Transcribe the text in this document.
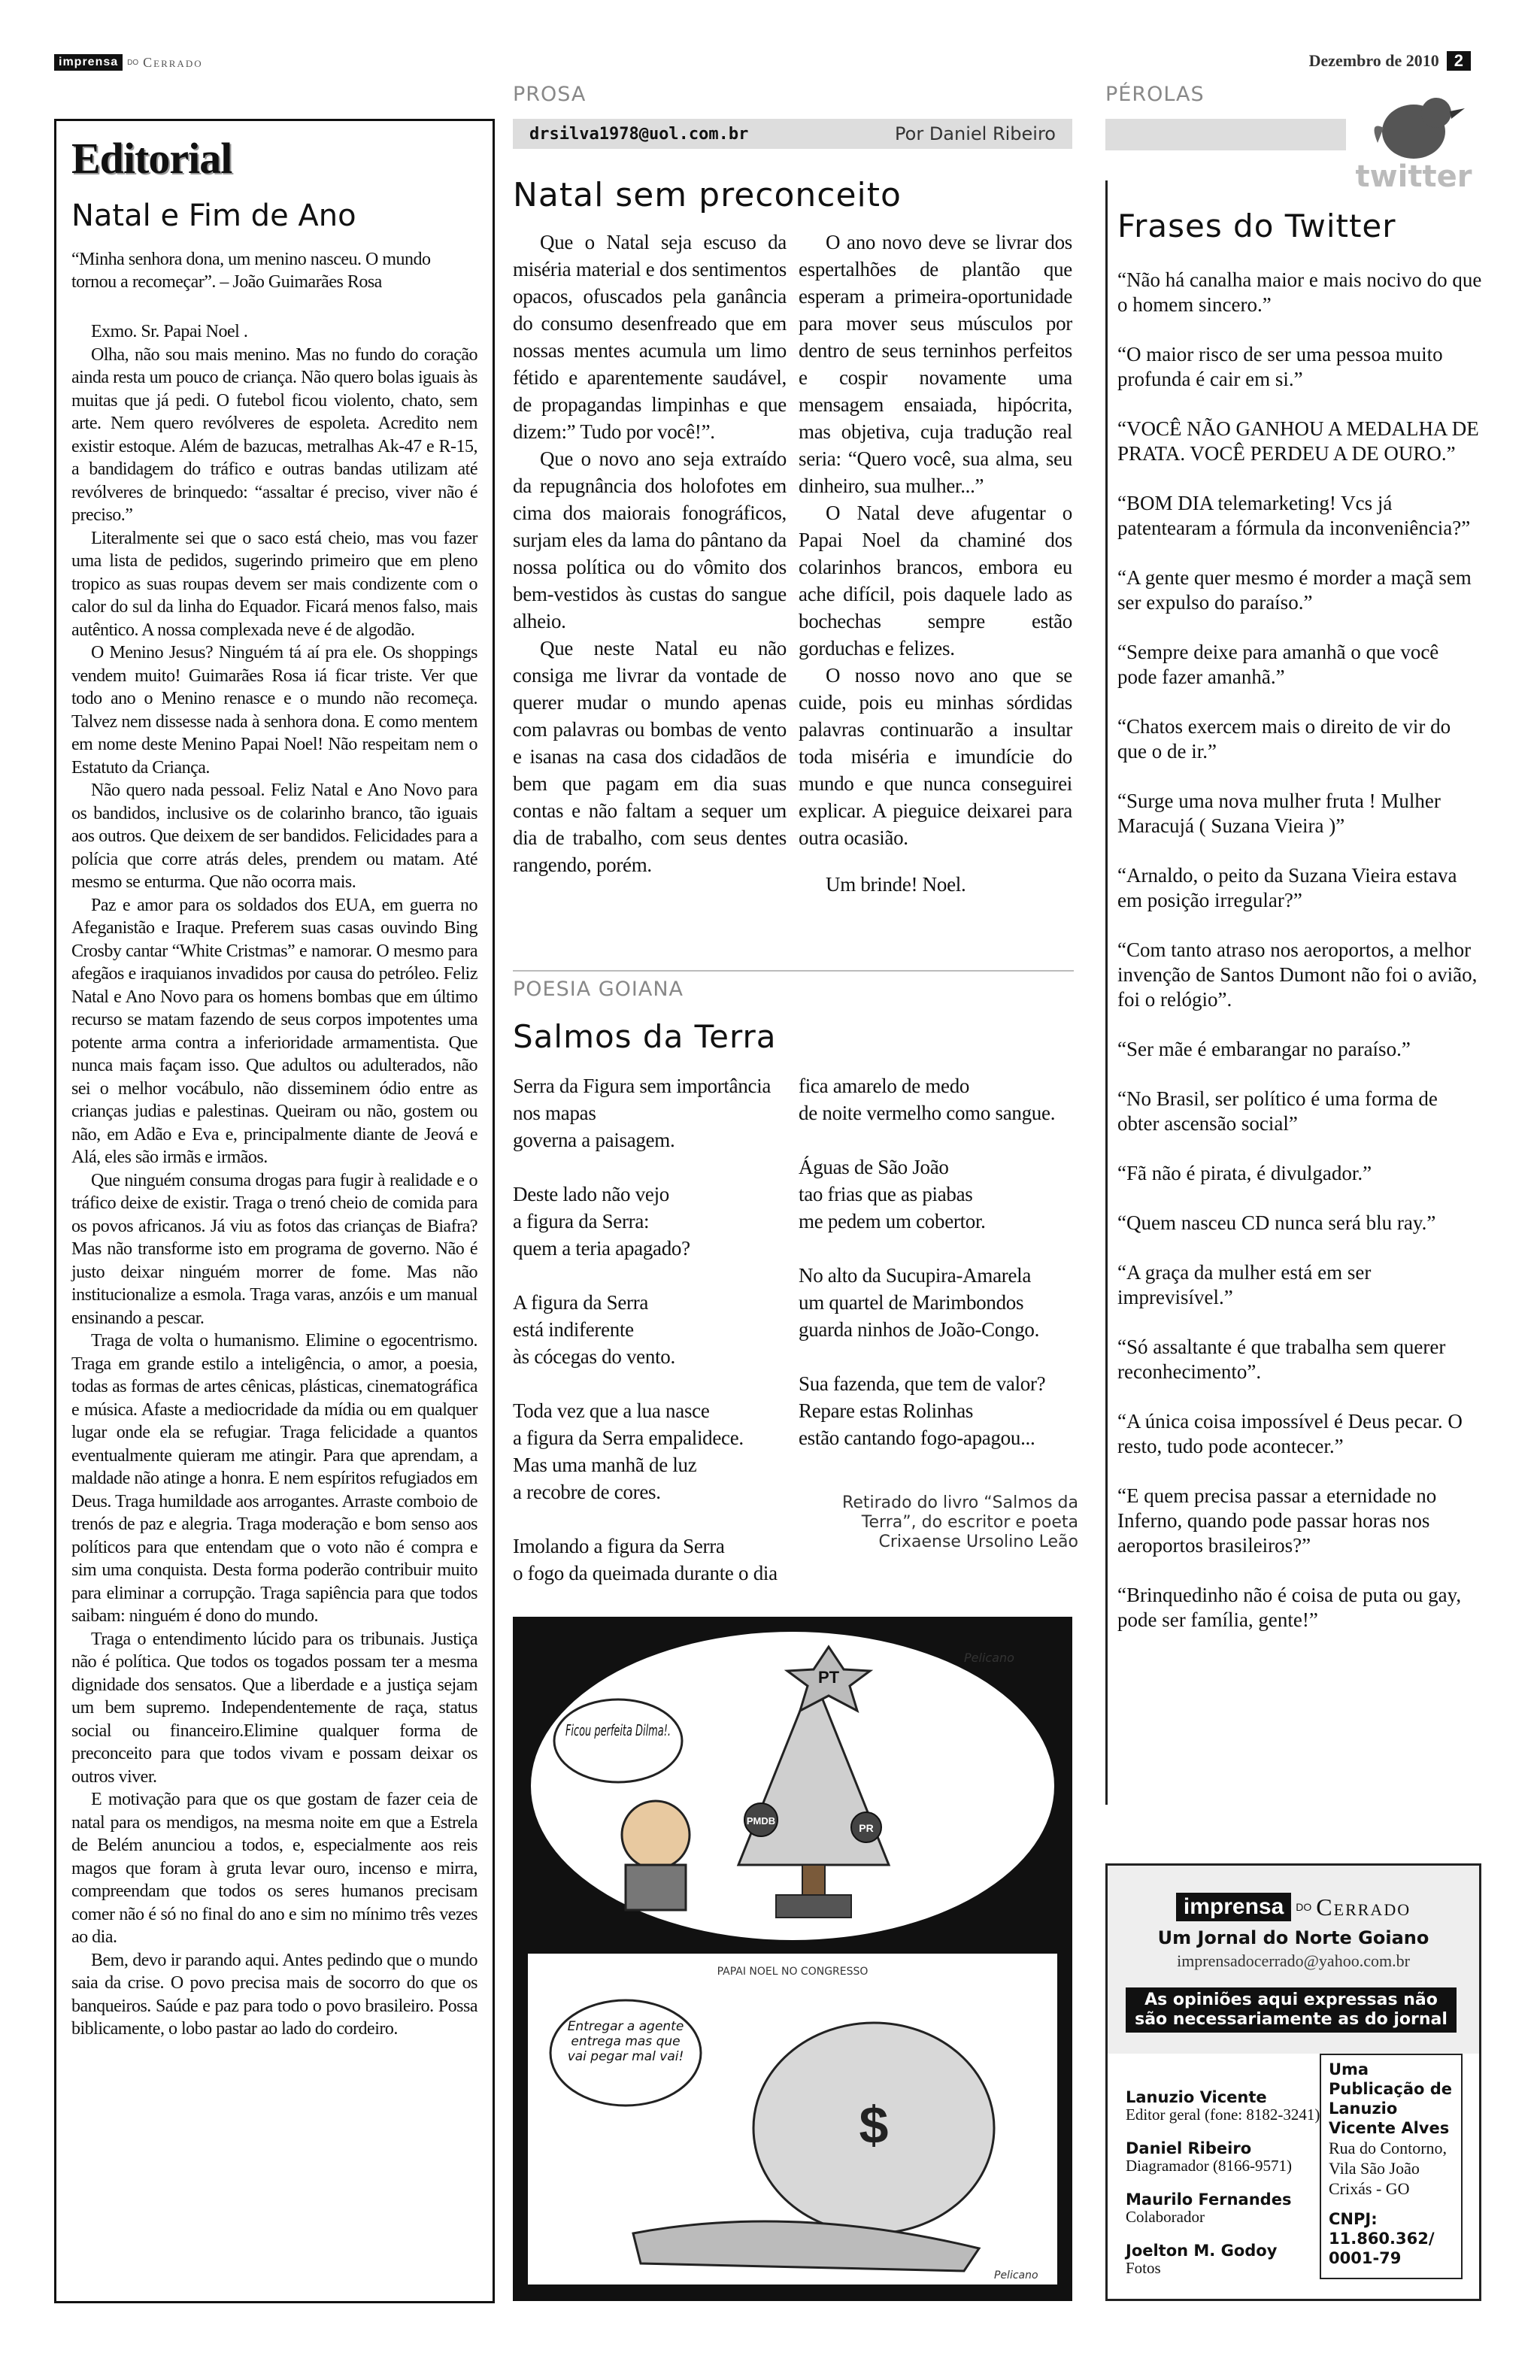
imprensa	DO Cerrado	Dezembro de 2010 2
PROSA	PÉROLAS
Editorial
Natal e Fim de Ano
“Minha senhora dona, um menino nasceu. O mundo tornou a recomeçar”. – João Guimarães Rosa

Exmo. Sr. Papai Noel .

Olha, não sou mais menino. Mas no fundo do coração ainda resta um pouco de criança. Não quero bolas iguais às muitas que já pedi. O futebol ficou violento, chato, sem arte. Nem quero revólveres de espoleta. Acredito nem existir estoque. Além de bazucas, metralhas Ak-47 e R-15, a bandidagem do tráfico e outras bandas utilizam até revólveres de brinquedo: “assaltar é preciso, viver não é preciso.”

Literalmente sei que o saco está cheio, mas vou fazer uma lista de pedidos, sugerindo primeiro que em pleno tropico as suas roupas devem ser mais condizente com o calor do sul da linha do Equador. Ficará menos falso, mais autêntico. A nossa complexada neve é de algodão.

O Menino Jesus? Ninguém tá aí pra ele. Os shoppings vendem muito! Guimarães Rosa iá ficar triste. Ver que todo ano o Menino renasce e o mundo não recomeça. Talvez nem dissesse nada à senhora dona. E como mentem em nome deste Menino Papai Noel! Não respeitam nem o Estatuto da Criança.

Não quero nada pessoal. Feliz Natal e Ano Novo para os bandidos, inclusive os de colarinho branco, tão iguais aos outros. Que deixem de ser bandidos. Felicidades para a polícia que corre atrás deles, prendem ou matam. Até mesmo se enturma. Que não ocorra mais.

Paz e amor para os soldados dos EUA, em guerra no Afeganistão e Iraque. Preferem suas casas ouvindo Bing Crosby cantar “White Cristmas” e namorar. O mesmo para afegãos e iraquianos invadidos por causa do petróleo. Feliz Natal e Ano Novo para os homens bombas que em último recurso se matam fazendo de seus corpos impotentes uma potente arma contra a inferioridade armamentista. Que nunca mais façam isso. Que adultos ou adulterados, não sei o melhor vocábulo, não disseminem ódio entre as crianças judias e palestinas. Queiram ou não, gostem ou não, em Adão e Eva e, principalmente diante de Jeová e Alá, eles são irmãs e irmãos.

Que ninguém consuma drogas para fugir à realidade e o tráfico deixe de existir. Traga o trenó cheio de comida para os povos africanos. Já viu as fotos das crianças de Biafra? Mas não transforme isto em programa de governo. Não é justo deixar ninguém morrer de fome. Mas não institucionalize a esmola. Traga varas, anzóis e um manual ensinando a pescar.

Traga de volta o humanismo. Elimine o egocentrismo. Traga em grande estilo a inteligência, o amor, a poesia, todas as formas de artes cênicas, plásticas, cinematográfica e música. Afaste a mediocridade da mídia ou em qualquer lugar onde ela se refugiar. Traga felicidade a quantos eventualmente quieram me atingir. Para que aprendam, a maldade não atinge a honra. E nem espíritos refugiados em Deus. Traga humildade aos arrogantes. Arraste comboio de trenós de paz e alegria. Traga moderação e bom senso aos políticos para que entendam que o voto não é compra e sim uma conquista. Desta forma poderão contribuir muito para eliminar a corrupção. Traga sapiência para que todos saibam: ninguém é dono do mundo.

Traga o entendimento lúcido para os tribunais. Justiça não é política. Que todos os togados possam ter a mesma dignidade dos sensatos. Que a liberdade e a justiça sejam um bem supremo. Independentemente de raça, status social ou financeiro.Elimine qualquer forma de preconceito para que todos vivam e possam deixar os outros viver.

E motivação para que os que gostam de fazer ceia de natal para os mendigos, na mesma noite em que a Estrela de Belém anunciou a todos, e, especialmente aos reis magos que foram à gruta levar ouro, incenso e mirra, compreendam que todos os seres humanos precisam comer não é só no final do ano e sim no mínimo três vezes ao dia.

Bem, devo ir parando aqui. Antes pedindo que o mundo saia da crise. O povo precisa mais de socorro do que os banqueiros. Saúde e paz para todo o povo brasileiro. Possa biblicamente, o lobo pastar ao lado do cordeiro.

drsilva1978@uol.com.br	Por Daniel Ribeiro
Natal sem preconceito

Que o Natal seja escuso da miséria material e dos sentimentos opacos, ofuscados pela ganância do consumo desenfreado que em nossas mentes acumula um limo fétido e aparentemente saudável, de propagandas limpinhas e que dizem:” Tudo por você!”.

Que o novo ano seja extraído da repugnância dos holofotes em cima dos maiorais fonográficos, surjam eles da lama do pântano da nossa política ou do vômito dos bem-vestidos às custas do sangue alheio.

Que neste Natal eu não consiga me livrar da vontade de querer mudar o mundo apenas com palavras ou bombas de vento e isanas na casa dos cidadãos de bem que pagam em dia suas contas e não faltam a sequer um dia de trabalho, com seus dentes rangendo, porém.

O ano novo deve se livrar dos espertalhões de plantão que esperam a primeira-oportunidade para mover seus músculos por dentro de seus terninhos perfeitos e cospir novamente uma mensagem ensaiada, hipócrita, mas objetiva, cuja tradução real seria: “Quero você, sua alma, seu dinheiro, sua mulher...”

O Natal deve afugentar o Papai Noel da chaminé dos colarinhos brancos, embora eu ache difícil, pois daquele lado as bochechas sempre estão gorduchas e felizes.

O nosso novo ano que se cuide, pois eu minhas sórdidas palavras continuarão a insultar toda miséria e imundície do mundo e que nunca conseguirei explicar. A pieguice deixarei para outra ocasião.

Um brinde! Noel.

POESIA GOIANA
Salmos da Terra
Serra da Figura sem importância nos mapas
governa a paisagem.

Deste lado não vejo
a figura da Serra:
quem a teria apagado?

A figura da Serra
está indiferente
às cócegas do vento.

Toda vez que a lua nasce
a figura da Serra empalidece.
Mas uma manhã de luz
a recobre de cores.

Imolando a figura da Serra
o fogo da queimada durante o dia
fica amarelo de medo
de noite vermelho como sangue.

Águas de São João
tao frias que as piabas
me pedem um cobertor.

No alto da Sucupira-Amarela
um quartel de Marimbondos
guarda ninhos de João-Congo.

Sua fazenda, que tem de valor?
Repare estas Rolinhas
estão cantando fogo-apagou...
Retirado do livro “Salmos da Terra”, do escritor e poeta Crixaense Ursolino Leão
PT
PMDB
PR
Ficou perfeita Dilma!.
Pelicano
PAPAI NOEL NO CONGRESSO
$
Entregar a agente entrega mas que vai pegar mal vai!
Pelicano
twitter
Frases do Twitter
“Não há canalha maior e mais nocivo do que o homem sincero.”
“O maior risco de ser uma pessoa muito profunda é cair em si.”
“VOCÊ NÃO GANHOU A MEDALHA DE PRATA. VOCÊ PERDEU A DE OURO.”
“BOM DIA telemarketing! Vcs já patentearam a fórmula da inconveniência?”
“A gente quer mesmo é morder a maçã sem ser expulso do paraíso.”
“Sempre deixe para amanhã o que você pode fazer amanhã.”
“Chatos exercem mais o direito de vir do que o de ir.”
“Surge uma nova mulher fruta ! Mulher Maracujá ( Suzana Vieira )”
“Arnaldo, o peito da Suzana Vieira estava em posição irregular?”
“Com tanto atraso nos aeroportos, a melhor invenção de Santos Dumont não foi o avião, foi o relógio”.
“Ser mãe é embarangar no paraíso.”
“No Brasil, ser político é uma forma de obter ascensão social”
“Fã não é pirata, é divulgador.”
“Quem nasceu CD nunca será blu ray.”
“A graça da mulher está em ser imprevisível.”
“Só assaltante é que trabalha sem querer reconhecimento”.
“A única coisa impossível é Deus pecar. O resto, tudo pode acontecer.”
“E quem precisa passar a eternidade no Inferno, quando pode passar horas nos aeroportos brasileiros?”
“Brinquedinho não é coisa de puta ou gay, pode ser família, gente!”
imprensa	DO Cerrado
Um Jornal do Norte Goiano
imprensadocerrado@yahoo.com.br
As opiniões aqui expressas não são necessariamente as do jornal
Lanuzio Vicente
Editor geral (fone: 8182-3241)
Daniel Ribeiro
Diagramador (8166-9571)
Maurilo Fernandes
Colaborador
Joelton M. Godoy
Fotos
Uma Publicação de Lanuzio Vicente Alves
Rua do Contorno, Vila São João Crixás - GO
CNPJ: 11.860.362/ 0001-79
